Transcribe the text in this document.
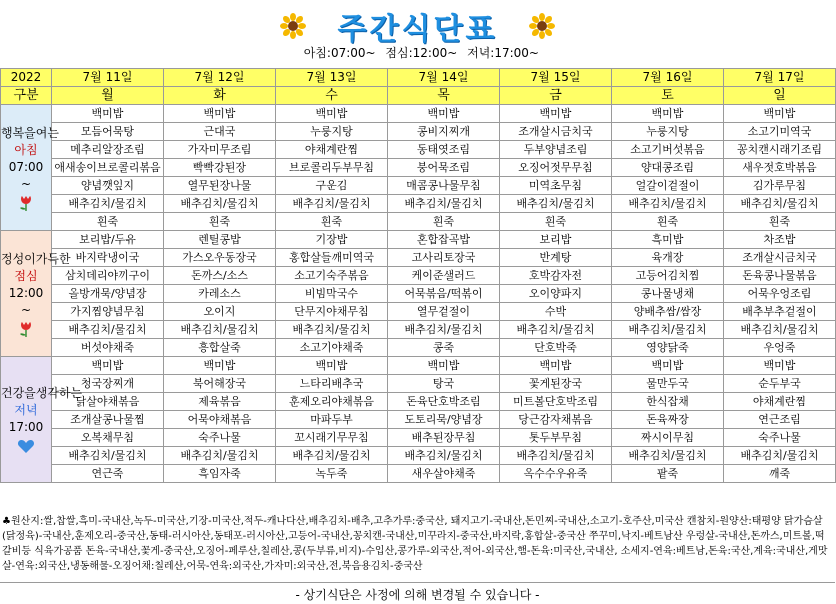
주간식단표
아침:07:00~ 점심:12:00~ 저녁:17:00~
2022	7월 11일	7월 12일	7월 13일	7월 14일	7월 15일	7월 16일	7월 17일
구분	월	화	수	목	금	토	일

행복을여는
아침
07:00
~	백미밥	백미밥	백미밥	백미밥	백미밥	백미밥	백미밥
	모듬어묵탕	근대국	누룽지탕	콩비지찌개	조개살시금치국	누룽지탕	소고기미역국
	메추리알장조림	가자미무조림	야채계란찜	동태엿조림	두부양념조림	소고기버섯볶음	꽁치캔시래기조림
	애새송이브로콜리볶음	빡빡강된장	브로콜리두부무침	붕어묵조림	오징어젓무무침	양대콩조림	새우젓호박볶음
	양념깻잎지	열무된장나물	구운김	매콤콩나물무침	미역초무침	얼갈이겉절이	김가루무침
	배추김치/물김치	배추김치/물김치	배추김치/물김치	배추김치/물김치	배추김치/물김치	배추김치/물김치	배추김치/물김치
	흰죽	흰죽	흰죽	흰죽	흰죽	흰죽	흰죽

정성이가득한
점심
12:00
~	보리밥/두유	렌틸콩밥	기장밥	혼합잡곡밥	보리밥	흑미밥	차조밥
	바지락냉이국	가스오우동장국	홍합살들깨미역국	고사리토장국	반계탕	육개장	조개살시금치국
	삼치데리야끼구이	돈까스/소스	소고기숙주볶음	케이준샐러드	호박감자전	고등어김치찜	돈육콩나물볶음
	올방개묵/양념장	카레소스	비빔막국수	어묵볶음/떡볶이	오이양파지	콩나물냉채	어묵우엉조림
	가지찜양념무침	오이지	단무지야채무침	열무겉절이	수박	양배추쌈/쌈장	배추부추겉절이
	배추김치/물김치	배추김치/물김치	배추김치/물김치	배추김치/물김치	배추김치/물김치	배추김치/물김치	배추김치/물김치
	버섯야채죽	흥합살죽	소고기야채죽	콩죽	단호박죽	영양닭죽	우엉죽

건강을생각하는
저녁
17:00	백미밥	백미밥	백미밥	백미밥	백미밥	백미밥	백미밥
	청국장찌개	북어해장국	느타리배추국	탕국	꽃게된장국	물만두국	순두부국
	닭살야채볶음	제육볶음	훈제오리야채볶음	돈육단호박조림	미트볼단호박조림	한식잡채	야채계란찜
	조개살콩나물찜	어묵야채볶음	마파두부	도토리묵/양념장	당근감자채볶음	돈육짜장	연근조림
	오복채무침	숙주나물	꼬시래기무무침	배추된장무침	톳두부무침	짜시이무침	숙주나물
	배추김치/물김치	배추김치/물김치	배추김치/물김치	배추김치/물김치	배추김치/물김치	배추김치/물김치	배추김치/물김치
	연근죽	흑임자죽	녹두죽	새우살야채죽	옥수수우유죽	팥죽	깨죽
♣원산지:쌀,찹쌀,흑미-국내산,녹두-미국산,기장-미국산,적두-캐나다산,배추김치-배추,고추가루:중국산, 돼지고기-국내산,돈민찌-국내산,소고기-호주산,미국산 캔참치-원양산:태평양 닭가슴살(닭정육)-국내산,훈제오리-중국산,동태-러시아산,동태포-러시아산,고등어-국내산,꽁치캔-국내산,미꾸라지-중국산,바지락,홍합살-중국산 쭈꾸미,낙지-베트남산 우렁살-국내산,돈까스,미트볼,떡갈비등 식육가공품 돈육-국내산,꽃게-중국산,오징어-페루산,칠레산,콩(두부류,비지)-수입산,콩가루-외국산,적어-외국산,햄-돈육:미국산,국내산, 소세지-연육:베트남,돈육:국산,계육:국내산,게맛살-연육:외국산,냉동해물-오징어채:칠레산,어묵-연육:외국산,가자미:외국산,전,북음용김치-중국산
- 상기식단은 사정에 의해 변경될 수 있습니다 -
